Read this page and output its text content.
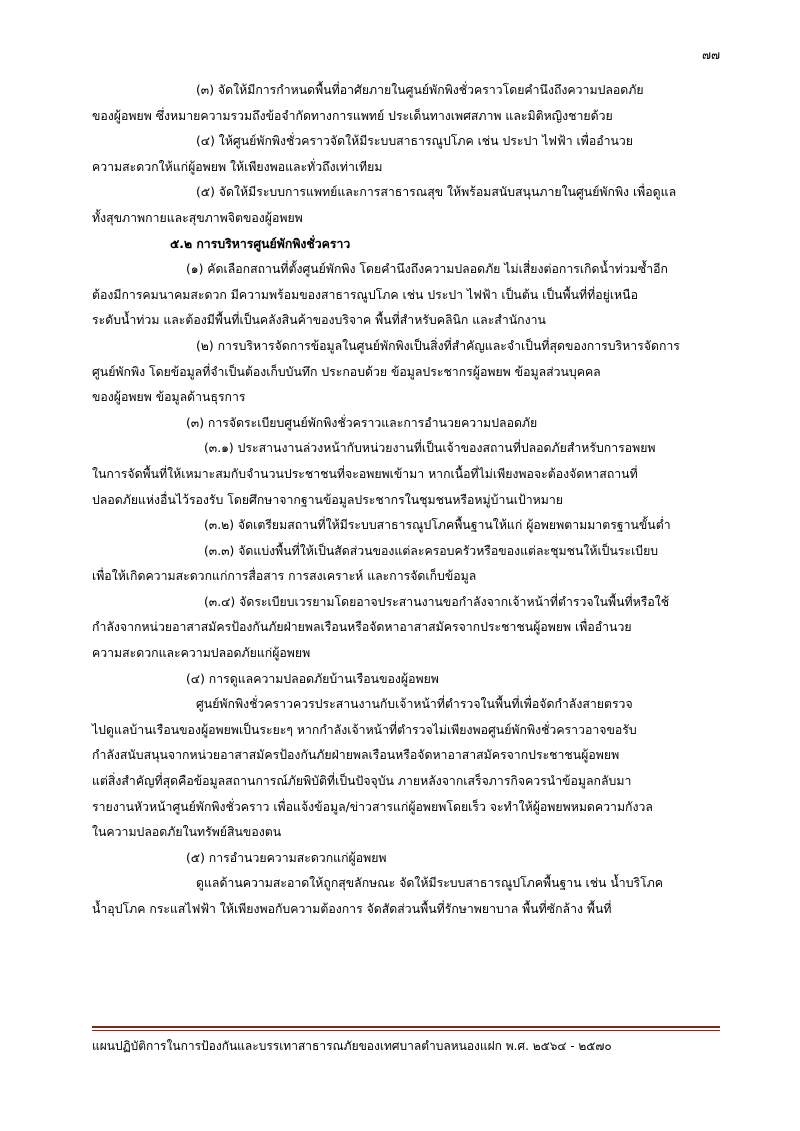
๗๗

(๓) จัดให้มีการกำหนดพื้นที่อาศัยภายในศูนย์พักพิงชั่วคราวโดยคำนึงถึงความปลอดภัย
ของผู้อพยพ ซึ่งหมายความรวมถึงข้อจำกัดทางการแพทย์ ประเด็นทางเพศสภาพ และมิติหญิงชายด้วย

(๔) ให้ศูนย์พักพิงชั่วคราวจัดให้มีระบบสาธารณูปโภค เช่น ประปา ไฟฟ้า เพื่ออำนวย
ความสะดวกให้แก่ผู้อพยพ ให้เพียงพอและทั่วถึงเท่าเทียม

(๕) จัดให้มีระบบการแพทย์และการสาธารณสุข ให้พร้อมสนับสนุนภายในศูนย์พักพิง เพื่อดูแล
ทั้งสุขภาพกายและสุขภาพจิตของผู้อพยพ

๕.๒ การบริหารศูนย์พักพิงชั่วคราว

(๑) คัดเลือกสถานที่ตั้งศูนย์พักพิง โดยคำนึงถึงความปลอดภัย ไม่เสี่ยงต่อการเกิดน้ำท่วมซ้ำอีก
ต้องมีการคมนาคมสะดวก มีความพร้อมของสาธารณูปโภค เช่น ประปา ไฟฟ้า เป็นต้น เป็นพื้นที่ที่อยู่เหนือ
ระดับน้ำท่วม และต้องมีพื้นที่เป็นคลังสินค้าของบริจาค พื้นที่สำหรับคลินิก และสำนักงาน

(๒) การบริหารจัดการข้อมูลในศูนย์พักพิงเป็นสิ่งที่สำคัญและจำเป็นที่สุดของการบริหารจัดการ
ศูนย์พักพิง โดยข้อมูลที่จำเป็นต้องเก็บบันทึก ประกอบด้วย ข้อมูลประชากรผู้อพยพ ข้อมูลส่วนบุคคล
ของผู้อพยพ ข้อมูลด้านธุรการ

(๓) การจัดระเบียบศูนย์พักพิงชั่วคราวและการอำนวยความปลอดภัย

(๓.๑) ประสานงานล่วงหน้ากับหน่วยงานที่เป็นเจ้าของสถานที่ปลอดภัยสำหรับการอพยพ
ในการจัดพื้นที่ให้เหมาะสมกับจำนวนประชาชนที่จะอพยพเข้ามา หากเนื้อที่ไม่เพียงพอจะต้องจัดหาสถานที่
ปลอดภัยแห่งอื่นไว้รองรับ โดยศึกษาจากฐานข้อมูลประชากรในชุมชนหรือหมู่บ้านเป้าหมาย

(๓.๒) จัดเตรียมสถานที่ให้มีระบบสาธารณูปโภคพื้นฐานให้แก่ ผู้อพยพตามมาตรฐานขั้นต่ำ

(๓.๓) จัดแบ่งพื้นที่ให้เป็นสัดส่วนของแต่ละครอบครัวหรือของแต่ละชุมชนให้เป็นระเบียบ
เพื่อให้เกิดความสะดวกแก่การสื่อสาร การสงเคราะห์ และการจัดเก็บข้อมูล

(๓.๔) จัดระเบียบเวรยามโดยอาจประสานงานขอกำลังจากเจ้าหน้าที่ตำรวจในพื้นที่หรือใช้
กำลังจากหน่วยอาสาสมัครป้องกันภัยฝ่ายพลเรือนหรือจัดหาอาสาสมัครจากประชาชนผู้อพยพ เพื่ออำนวย
ความสะดวกและความปลอดภัยแก่ผู้อพยพ

(๔) การดูแลความปลอดภัยบ้านเรือนของผู้อพยพ

ศูนย์พักพิงชั่วคราวควรประสานงานกับเจ้าหน้าที่ตำรวจในพื้นที่เพื่อจัดกำลังสายตรวจ
ไปดูแลบ้านเรือนของผู้อพยพเป็นระยะๆ หากกำลังเจ้าหน้าที่ตำรวจไม่เพียงพอศูนย์พักพิงชั่วคราวอาจขอรับ
กำลังสนับสนุนจากหน่วยอาสาสมัครป้องกันภัยฝ่ายพลเรือนหรือจัดหาอาสาสมัครจากประชาชนผู้อพยพ
แต่สิ่งสำคัญที่สุดคือข้อมูลสถานการณ์ภัยพิบัติที่เป็นปัจจุบัน ภายหลังจากเสร็จภารกิจควรนำข้อมูลกลับมา
รายงานหัวหน้าศูนย์พักพิงชั่วคราว เพื่อแจ้งข้อมูล/ข่าวสารแก่ผู้อพยพโดยเร็ว จะทำให้ผู้อพยพหมดความกังวล
ในความปลอดภัยในทรัพย์สินของตน

(๕) การอำนวยความสะดวกแก่ผู้อพยพ

ดูแลด้านความสะอาดให้ถูกสุขลักษณะ จัดให้มีระบบสาธารณูปโภคพื้นฐาน เช่น น้ำบริโภค
น้ำอุปโภค กระแสไฟฟ้า ให้เพียงพอกับความต้องการ จัดสัดส่วนพื้นที่รักษาพยาบาล พื้นที่ซักล้าง พื้นที่

แผนปฏิบัติการในการป้องกันและบรรเทาสาธารณภัยของเทศบาลตำบลหนองแฝก พ.ศ. ๒๕๖๔ - ๒๕๗๐
